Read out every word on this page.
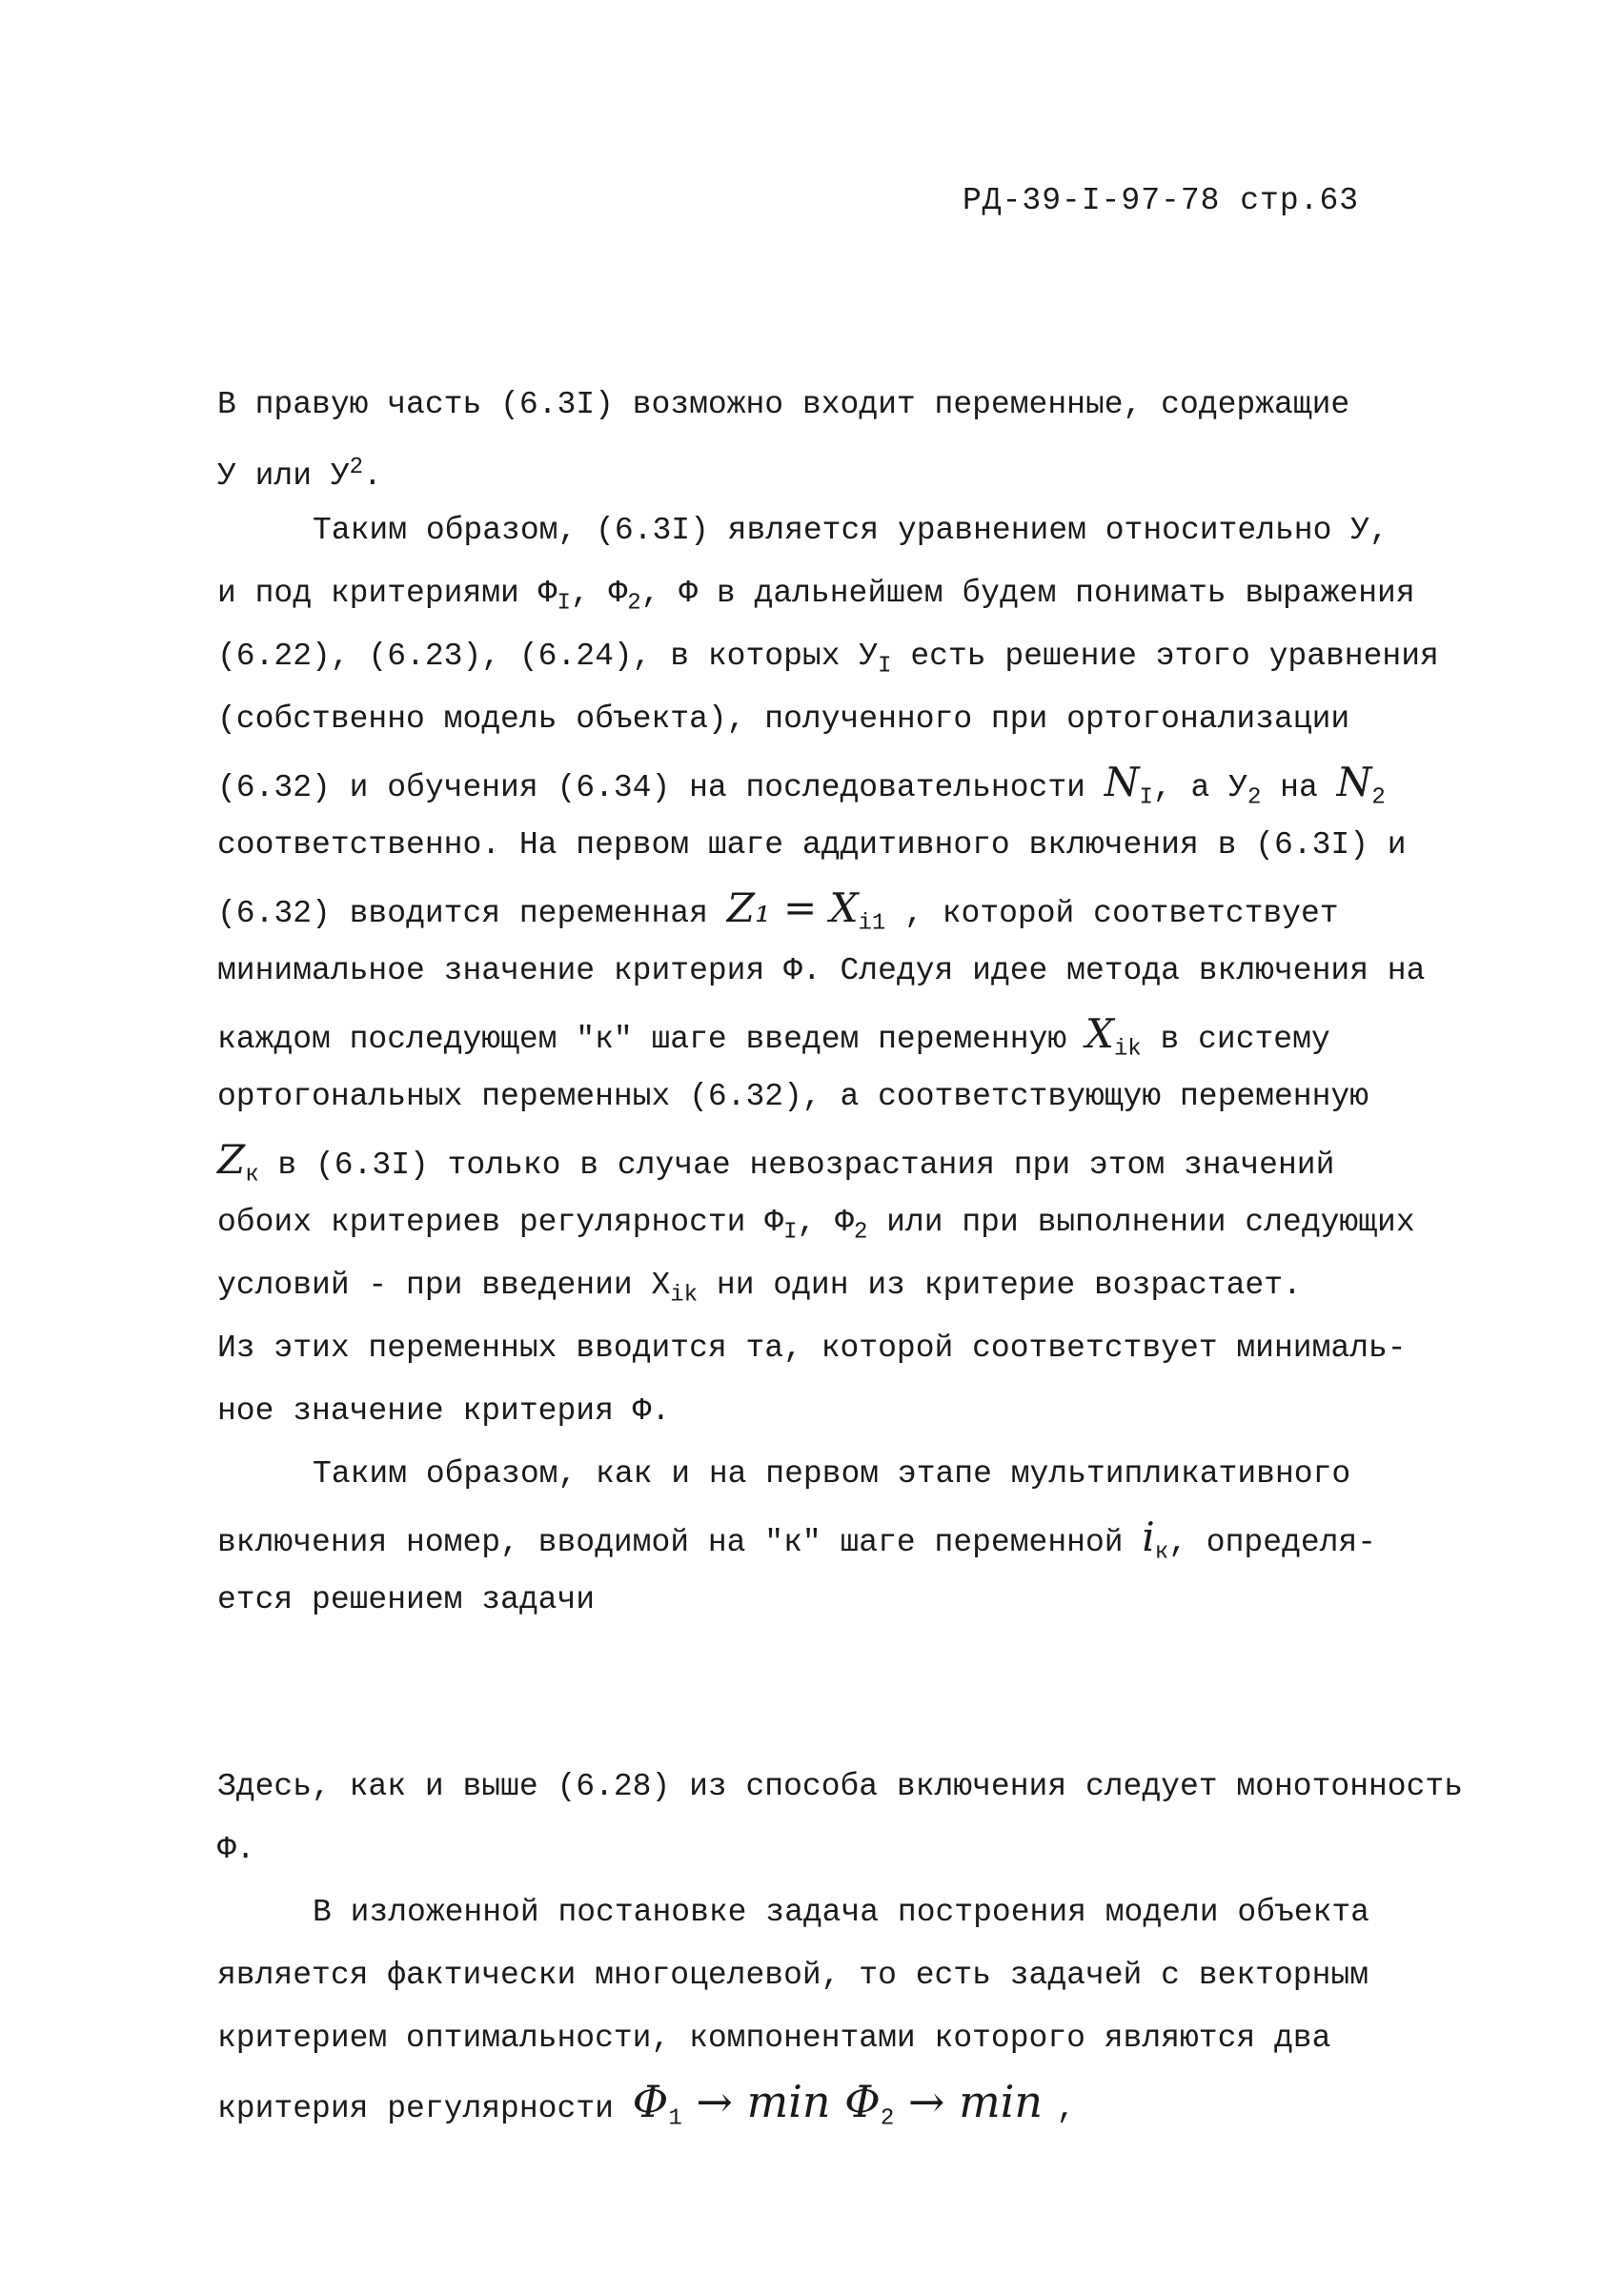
РД-39-I-97-78 стр.63
В правую часть (6.3I) возможно входит переменные, содержащие
У или $У^2$.
Таким образом, (6.3I) является уравнением относительно У,
и под критериями $Ф_I$, $Ф_2$, Ф в дальнейшем будем понимать выражения
(6.22), (6.23), (6.24), в которых $У_I$ есть решение этого уравнения
(собственно модель объекта), полученного при ортогонализации
(6.32) и обучения (6.34) на последовательности $N_I$, а $У_2$ на $N_2$
соответственно. На первом шаге аддитивного включения в (6.3I) и
(6.32) вводится переменная $Z_1 = X_{i1}$ , которой соответствует
минимальное значение критерия Ф. Следуя идее метода включения на
каждом последующем "к" шаге введем переменную $X_{ik}$ в систему
ортогональных переменных (6.32), а соответствующую переменную
$Z_к$ в (6.3I) только в случае невозрастания при этом значений
обоих критериев регулярности $Ф_I$, $Ф_2$ или при выполнении следующих
условий - при введении $X_{ik}$ ни один из критерие возрастает.
Из этих переменных вводится та, которой соответствует минималь-
ное значение критерия Ф.
Таким образом, как и на первом этапе мультипликативного
включения номер, вводимой на "к" шаге переменной $i_к$, определя-
ется решением задачи
Здесь, как и выше (6.28) из способа включения следует монотонность
Ф.
В изложенной постановке задача построения модели объекта
является фактически многоцелевой, то есть задачей с векторным
критерием оптимальности, компонентами которого являются два
критерия регулярности $\Phi_1 \to \min \Phi_2 \to \min$ ,
